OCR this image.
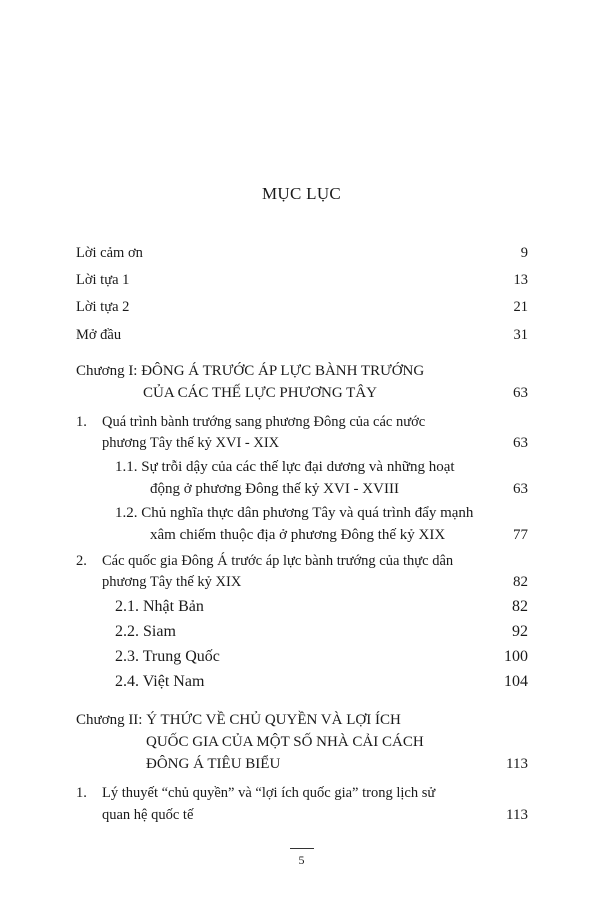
MỤC LỤC
Lời cảm ơn	9
Lời tựa 1	13
Lời tựa 2	21
Mở đầu	31
Chương I: ĐÔNG Á TRƯỚC ÁP LỰC BÀNH TRƯỚNG
CỦA CÁC THẾ LỰC PHƯƠNG TÂY	63
1. Quá trình bành trướng sang phương Đông của các nước
phương Tây thế kỷ XVI - XIX	63
1.1. Sự trỗi dậy của các thế lực đại dương và những hoạt
động ở phương Đông thế kỷ XVI - XVIII	63
1.2. Chủ nghĩa thực dân phương Tây và quá trình đẩy mạnh
xâm chiếm thuộc địa ở phương Đông thế kỷ XIX	77
2. Các quốc gia Đông Á trước áp lực bành trướng của thực dân
phương Tây thế kỷ XIX	82
2.1. Nhật Bản	82
2.2. Siam	92
2.3. Trung Quốc	100
2.4. Việt Nam	104
Chương II: Ý THỨC VỀ CHỦ QUYỀN VÀ LỢI ÍCH
QUỐC GIA CỦA MỘT SỐ NHÀ CẢI CÁCH
ĐÔNG Á TIÊU BIỂU	113
1. Lý thuyết “chủ quyền” và “lợi ích quốc gia” trong lịch sử
quan hệ quốc tế	113
5
